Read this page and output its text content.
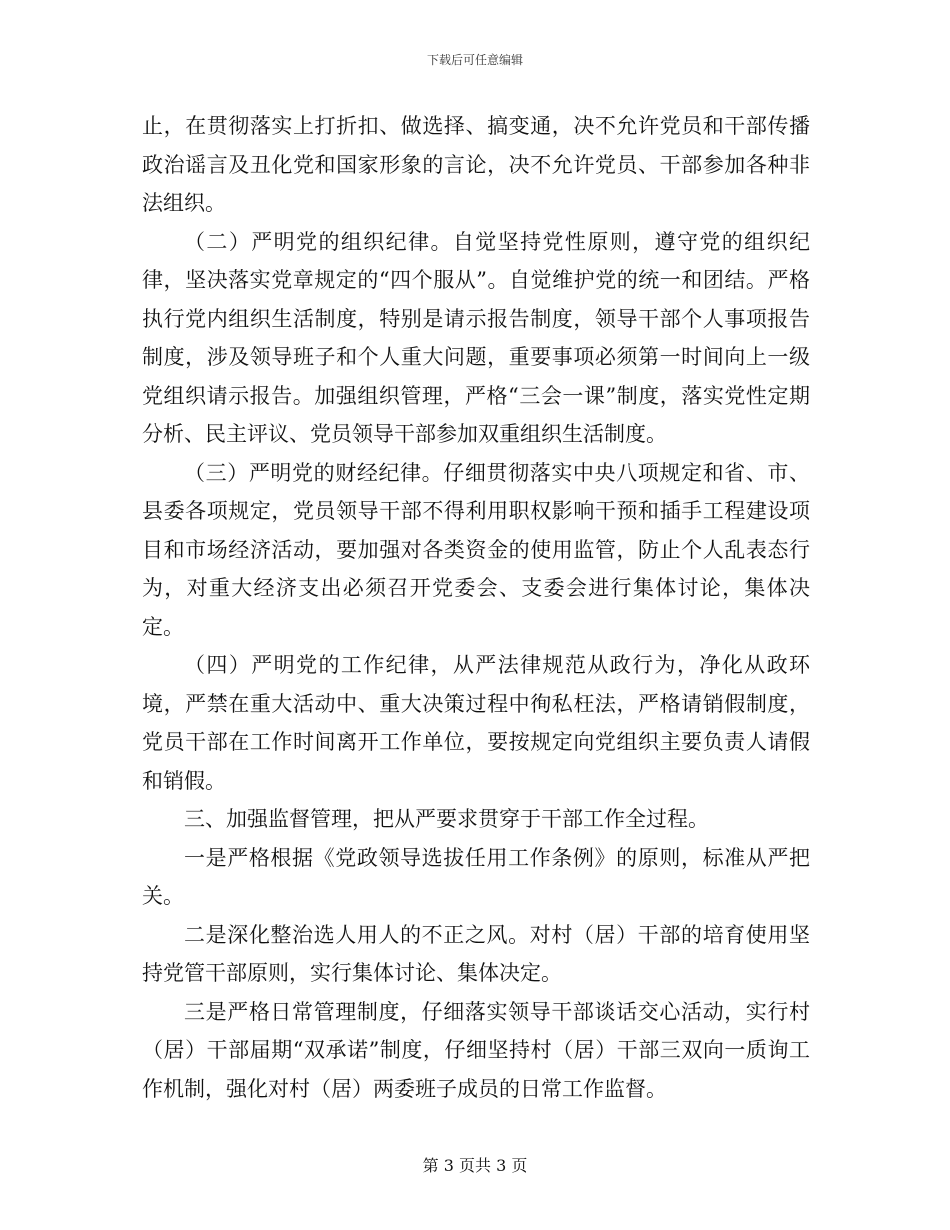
下载后可任意编辑

止，在贯彻落实上打折扣、做选择、搞变通，决不允许党员和干部传播政治谣言及丑化党和国家形象的言论，决不允许党员、干部参加各种非法组织。

（二）严明党的组织纪律。自觉坚持党性原则，遵守党的组织纪律，坚决落实党章规定的“四个服从”。自觉维护党的统一和团结。严格执行党内组织生活制度，特别是请示报告制度，领导干部个人事项报告制度，涉及领导班子和个人重大问题，重要事项必须第一时间向上一级党组织请示报告。加强组织管理，严格“三会一课”制度，落实党性定期分析、民主评议、党员领导干部参加双重组织生活制度。

（三）严明党的财经纪律。仔细贯彻落实中央八项规定和省、市、县委各项规定，党员领导干部不得利用职权影响干预和插手工程建设项目和市场经济活动，要加强对各类资金的使用监管，防止个人乱表态行为，对重大经济支出必须召开党委会、支委会进行集体讨论，集体决定。

（四）严明党的工作纪律，从严法律规范从政行为，净化从政环境，严禁在重大活动中、重大决策过程中徇私枉法，严格请销假制度，党员干部在工作时间离开工作单位，要按规定向党组织主要负责人请假和销假。

三、加强监督管理，把从严要求贯穿于干部工作全过程。

一是严格根据《党政领导选拔任用工作条例》的原则，标准从严把关。

二是深化整治选人用人的不正之风。对村（居）干部的培育使用坚持党管干部原则，实行集体讨论、集体决定。

三是严格日常管理制度，仔细落实领导干部谈话交心活动，实行村（居）干部届期“双承诺”制度，仔细坚持村（居）干部三双向一质询工作机制，强化对村（居）两委班子成员的日常工作监督。

第 3 页共 3 页
